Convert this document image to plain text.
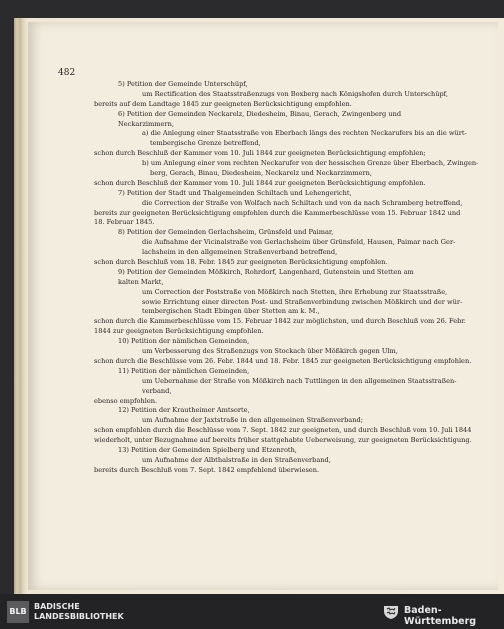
482
5) Petition der Gemeinde Unterschüpf,
um Rectification des Staatsstraßenzugs von Boxberg nach Königshofen durch Unterschüpf,
bereits auf dem Landtage 1845 zur geeigneten Berücksichtigung empfohlen.
6) Petition der Gemeinden Neckarelz, Diedesheim, Binau, Gerach, Zwingenberg und
Neckarzimmern,
a) die Anlegung einer Staatsstraße von Eberbach längs des rechten Neckarufers bis an die würt-
tembergische Grenze betreffend,
schon durch Beschluß der Kammer vom 10. Juli 1844 zur geeigneten Berücksichtigung empfohlen;
b) um Anlegung einer vom rechten Neckarufer von der hessischen Grenze über Eberbach, Zwingen-
berg, Gerach, Binau, Diedesheim, Neckarelz und Neckarzimmern,
schon durch Beschluß der Kammer vom 10. Juli 1844 zur geeigneten Berücksichtigung empfohlen.
7) Petition der Stadt und Thalgemeinden Schiltach und Lehengericht,
die Correction der Straße von Wolfach nach Schiltach und von da nach Schramberg betreffend,
bereits zur geeigneten Berücksichtigung empfohlen durch die Kammerbeschlüsse vom 15. Februar 1842 und
18. Februar 1845.
8) Petition der Gemeinden Gerlachsheim, Grünsfeld und Paimar,
die Aufnahme der Vicinalstraße von Gerlachsheim über Grünsfeld, Hausen, Paimar nach Ger-
lachsheim in den allgemeinen Straßenverband betreffend,
schon durch Beschluß vom 18. Febr. 1845 zur geeigneten Berücksichtigung empfohlen.
9) Petition der Gemeinden Mößkirch, Rohrdorf, Langenhard, Gutenstein und Stetten am
kalten Markt,
um Correction der Poststraße von Mößkirch nach Stetten, ihre Erhebung zur Staatsstraße,
sowie Errichtung einer directen Post- und Straßenverbindung zwischen Mößkirch und der wür-
tembergischen Stadt Ebingen über Stetten am k. M.,
schon durch die Kammerbeschlüsse vom 15. Februar 1842 zur möglichsten, und durch Beschluß vom 26. Febr.
1844 zur geeigneten Berücksichtigung empfohlen.
10) Petition der nämlichen Gemeinden,
um Verbesserung des Straßenzugs von Stockach über Mößkirch gegen Ulm,
schon durch die Beschlüsse vom 26. Febr. 1844 und 18. Febr. 1845 zur geeigneten Berücksichtigung empfohlen.
11) Petition der nämlichen Gemeinden,
um Uebernahme der Straße von Mößkirch nach Tuttlingen in den allgemeinen Staatsstraßen-
verband,
ebenso empfohlen.
12) Petition der Krautheimer Amtsorte,
um Aufnahme der Jaxtstraße in den allgemeinen Straßenverband;
schon empfohlen durch die Beschlüsse vom 7. Sept. 1842 zur geeigneten, und durch Beschluß vom 10. Juli 1844
wiederholt, unter Bezugnahme auf bereits früher stattgehabte Ueberweisung, zur geeigneten Berücksichtigung.
13) Petition der Gemeinden Spielberg und Etzenroth,
um Aufnahme der Albthalstraße in den Straßenverband,
bereits durch Beschluß vom 7. Sept. 1842 empfehlend überwiesen.
BLB
BADISCHE
LANDESBIBLIOTHEK
Baden-Württemberg
